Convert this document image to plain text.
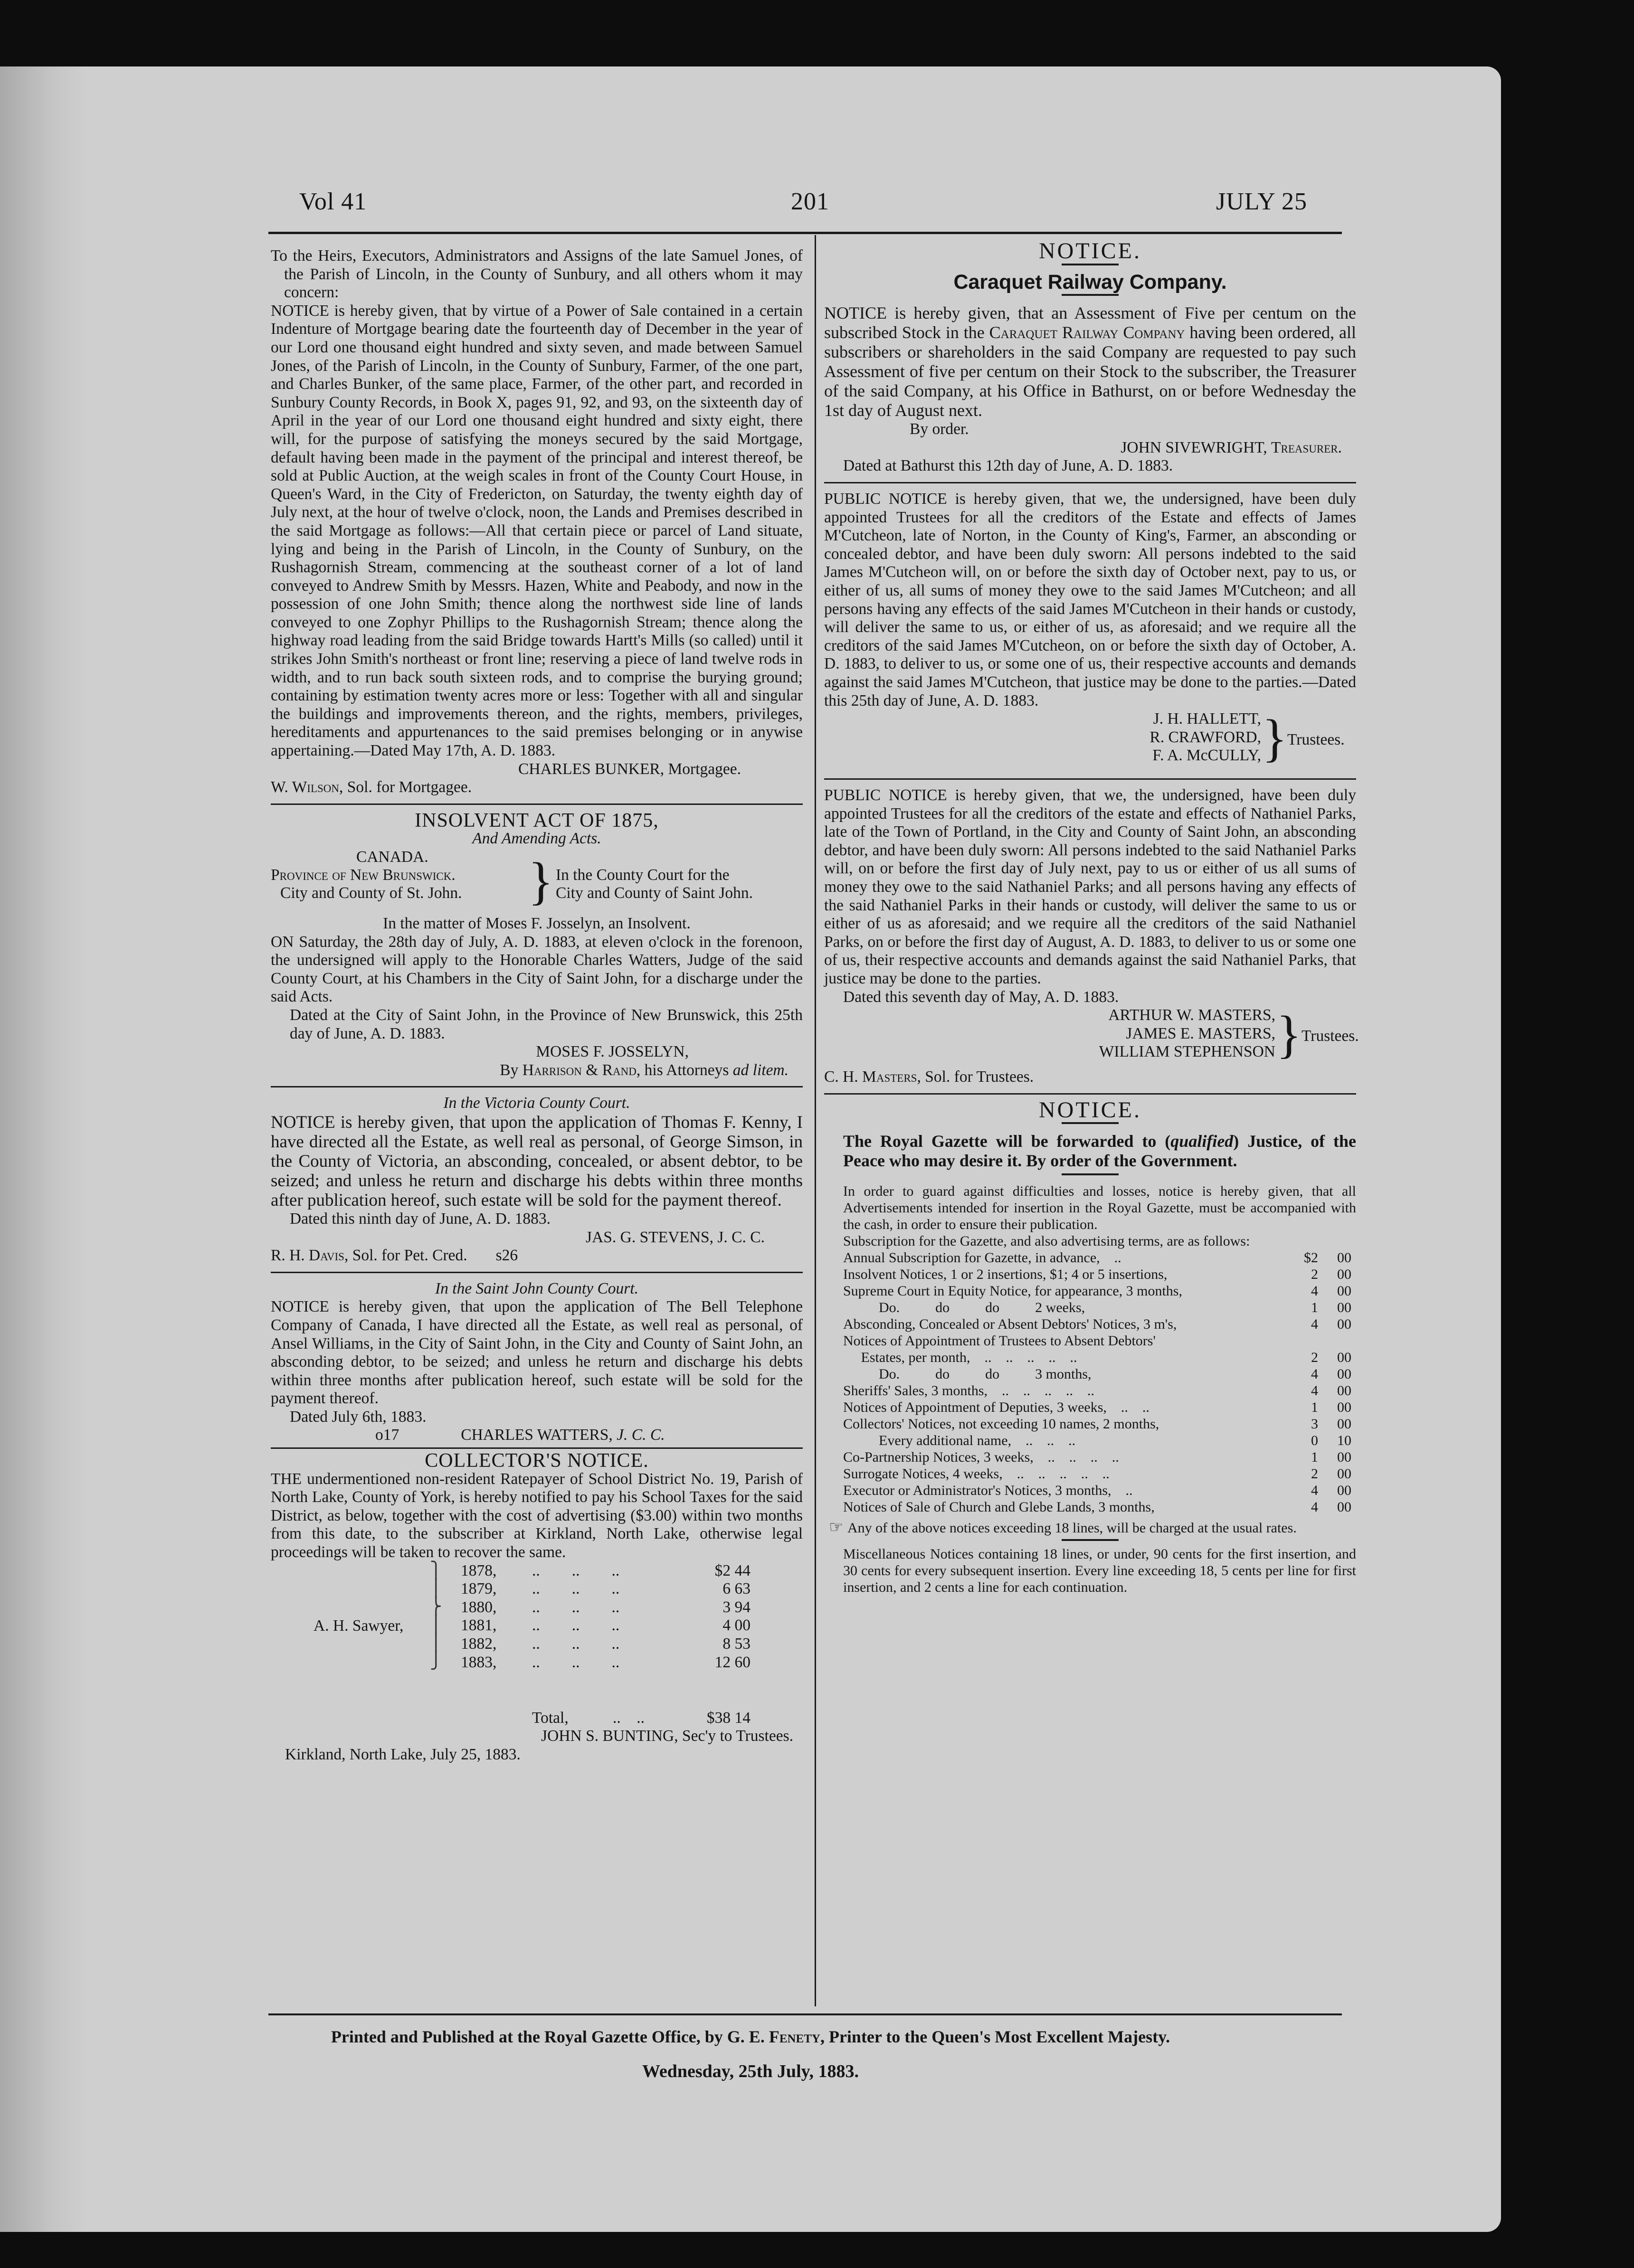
Vol 41	201	JULY 25

To the Heirs, Executors, Administrators and Assigns of the late Samuel Jones, of the Parish of Lincoln, in the County of Sunbury, and all others whom it may concern:

NOTICE is hereby given, that by virtue of a Power of Sale contained in a certain Indenture of Mortgage bearing date the fourteenth day of December in the year of our Lord one thousand eight hundred and sixty seven, and made between Samuel Jones, of the Parish of Lincoln, in the County of Sunbury, Farmer, of the one part, and Charles Bunker, of the same place, Farmer, of the other part, and recorded in Sunbury County Records, in Book X, pages 91, 92, and 93, on the sixteenth day of April in the year of our Lord one thousand eight hundred and sixty eight, there will, for the purpose of satisfying the moneys secured by the said Mortgage, default having been made in the payment of the principal and interest thereof, be sold at Public Auction, at the weigh scales in front of the County Court House, in Queen's Ward, in the City of Fredericton, on Saturday, the twenty eighth day of July next, at the hour of twelve o'clock, noon, the Lands and Premises described in the said Mortgage as follows:—All that certain piece or parcel of Land situate, lying and being in the Parish of Lincoln, in the County of Sunbury, on the Rushagornish Stream, commencing at the southeast corner of a lot of land conveyed to Andrew Smith by Messrs. Hazen, White and Peabody, and now in the possession of one John Smith; thence along the northwest side line of lands conveyed to one Zophyr Phillips to the Rushagornish Stream; thence along the highway road leading from the said Bridge towards Hartt's Mills (so called) until it strikes John Smith's northeast or front line; reserving a piece of land twelve rods in width, and to run back south sixteen rods, and to comprise the burying ground; containing by estimation twenty acres more or less: Together with all and singular the buildings and improvements thereon, and the rights, members, privileges, hereditaments and appurtenances to the said premises belonging or in anywise appertaining.—Dated May 17th, A. D. 1883.

CHARLES BUNKER, Mortgagee.

W. Wilson, Sol. for Mortgagee.

INSOLVENT ACT OF 1875,

And Amending Acts.

CANADA.
Province of New Brunswick.
City and County of St. John. } In the County Court for the
City and County of Saint John.

In the matter of Moses F. Josselyn, an Insolvent.

ON Saturday, the 28th day of July, A. D. 1883, at eleven o'clock in the forenoon, the undersigned will apply to the Honorable Charles Watters, Judge of the said County Court, at his Chambers in the City of Saint John, for a discharge under the said Acts.

Dated at the City of Saint John, in the Province of New Brunswick, this 25th day of June, A. D. 1883.

MOSES F. JOSSELYN,

By Harrison & Rand, his Attorneys ad litem.

In the Victoria County Court.

NOTICE is hereby given, that upon the application of Thomas F. Kenny, I have directed all the Estate, as well real as personal, of George Simson, in the County of Victoria, an absconding, concealed, or absent debtor, to be seized; and unless he return and discharge his debts within three months after publication hereof, such estate will be sold for the payment thereof.

Dated this ninth day of June, A. D. 1883.

JAS. G. STEVENS, J. C. C.

R. H. Davis, Sol. for Pet. Cred. s26

In the Saint John County Court.

NOTICE is hereby given, that upon the application of The Bell Telephone Company of Canada, I have directed all the Estate, as well real as personal, of Ansel Williams, in the City of Saint John, in the City and County of Saint John, an absconding debtor, to be seized; and unless he return and discharge his debts within three months after publication hereof, such estate will be sold for the payment thereof.

Dated July 6th, 1883.

o17	CHARLES WATTERS, J. C. C.

COLLECTOR'S NOTICE.

THE undermentioned non-resident Ratepayer of School District No. 19, Parish of North Lake, County of York, is hereby notified to pay his School Taxes for the said District, as below, together with the cost of advertising ($3.00) within two months from this date, to the subscriber at Kirkland, North Lake, otherwise legal proceedings will be taken to recover the same.

A. H. Sawyer,
⎫
⎪
⎬
⎪
⎪
⎭
1878,	..        ..        ..	$2 44
1879,	..        ..        ..	6 63
1880,	..        ..        ..	3 94
1881,	..        ..        ..	4 00
1882,	..        ..        ..	8 53
1883,	..        ..        ..	12 60
Total,	..    ..	$38 14

JOHN S. BUNTING, Sec'y to Trustees.

Kirkland, North Lake, July 25, 1883.

NOTICE.

Caraquet Railway Company.

NOTICE is hereby given, that an Assessment of Five per centum on the subscribed Stock in the Caraquet Railway Company having been ordered, all subscribers or shareholders in the said Company are requested to pay such Assessment of five per centum on their Stock to the subscriber, the Treasurer of the said Company, at his Office in Bathurst, on or before Wednesday the 1st day of August next.

By order.

JOHN SIVEWRIGHT, Treasurer.

Dated at Bathurst this 12th day of June, A. D. 1883.

PUBLIC NOTICE is hereby given, that we, the undersigned, have been duly appointed Trustees for all the creditors of the Estate and effects of James M'Cutcheon, late of Norton, in the County of King's, Farmer, an absconding or concealed debtor, and have been duly sworn: All persons indebted to the said James M'Cutcheon will, on or before the sixth day of October next, pay to us, or either of us, all sums of money they owe to the said James M'Cutcheon; and all persons having any effects of the said James M'Cutcheon in their hands or custody, will deliver the same to us, or either of us, as aforesaid; and we require all the creditors of the said James M'Cutcheon, on or before the sixth day of October, A. D. 1883, to deliver to us, or some one of us, their respective accounts and demands against the said James M'Cutcheon, that justice may be done to the parties.—Dated this 25th day of June, A. D. 1883.

J. H. HALLETT,
R. CRAWFORD,
F. A. McCULLY, } Trustees.

PUBLIC NOTICE is hereby given, that we, the undersigned, have been duly appointed Trustees for all the creditors of the estate and effects of Nathaniel Parks, late of the Town of Portland, in the City and County of Saint John, an absconding debtor, and have been duly sworn: All persons indebted to the said Nathaniel Parks will, on or before the first day of July next, pay to us or either of us all sums of money they owe to the said Nathaniel Parks; and all persons having any effects of the said Nathaniel Parks in their hands or custody, will deliver the same to us or either of us as aforesaid; and we require all the creditors of the said Nathaniel Parks, on or before the first day of August, A. D. 1883, to deliver to us or some one of us, their respective accounts and demands against the said Nathaniel Parks, that justice may be done to the parties.

Dated this seventh day of May, A. D. 1883.

ARTHUR W. MASTERS,
JAMES E. MASTERS,
WILLIAM STEPHENSON } Trustees.

C. H. Masters, Sol. for Trustees.

NOTICE.

The Royal Gazette will be forwarded to (qualified) Justice, of the Peace who may desire it. By order of the Government.

In order to guard against difficulties and losses, notice is hereby given, that all Advertisements intended for insertion in the Royal Gazette, must be accompanied with the cash, in order to ensure their publication.

Subscription for the Gazette, and also advertising terms, are as follows:

Annual Subscription for Gazette, in advance,    ..	$2	00
Insolvent Notices, 1 or 2 insertions, $1; 4 or 5 insertions,	2	00
Supreme Court in Equity Notice, for appearance, 3 months,	4	00
Do.          do          do          2 weeks,	1	00
Absconding, Concealed or Absent Debtors' Notices, 3 m's,	4	00
Notices of Appointment of Trustees to Absent Debtors'
Estates, per month,    ..    ..    ..    ..    ..	2	00
Do.          do          do          3 months,	4	00
Sheriffs' Sales, 3 months,    ..    ..    ..    ..    ..	4	00
Notices of Appointment of Deputies, 3 weeks,    ..    ..	1	00
Collectors' Notices, not exceeding 10 names, 2 months,	3	00
Every additional name,    ..    ..    ..	0	10
Co-Partnership Notices, 3 weeks,    ..    ..    ..    ..	1	00
Surrogate Notices, 4 weeks,    ..    ..    ..    ..    ..	2	00
Executor or Administrator's Notices, 3 months,    ..	4	00
Notices of Sale of Church and Glebe Lands, 3 months,	4	00

☞ Any of the above notices exceeding 18 lines, will be charged at the usual rates.

Miscellaneous Notices containing 18 lines, or under, 90 cents for the first insertion, and 30 cents for every subsequent insertion. Every line exceeding 18, 5 cents per line for first insertion, and 2 cents a line for each continuation.

Printed and Published at the Royal Gazette Office, by G. E. Fenety, Printer to the Queen's Most Excellent Majesty.
Wednesday, 25th July, 1883.
